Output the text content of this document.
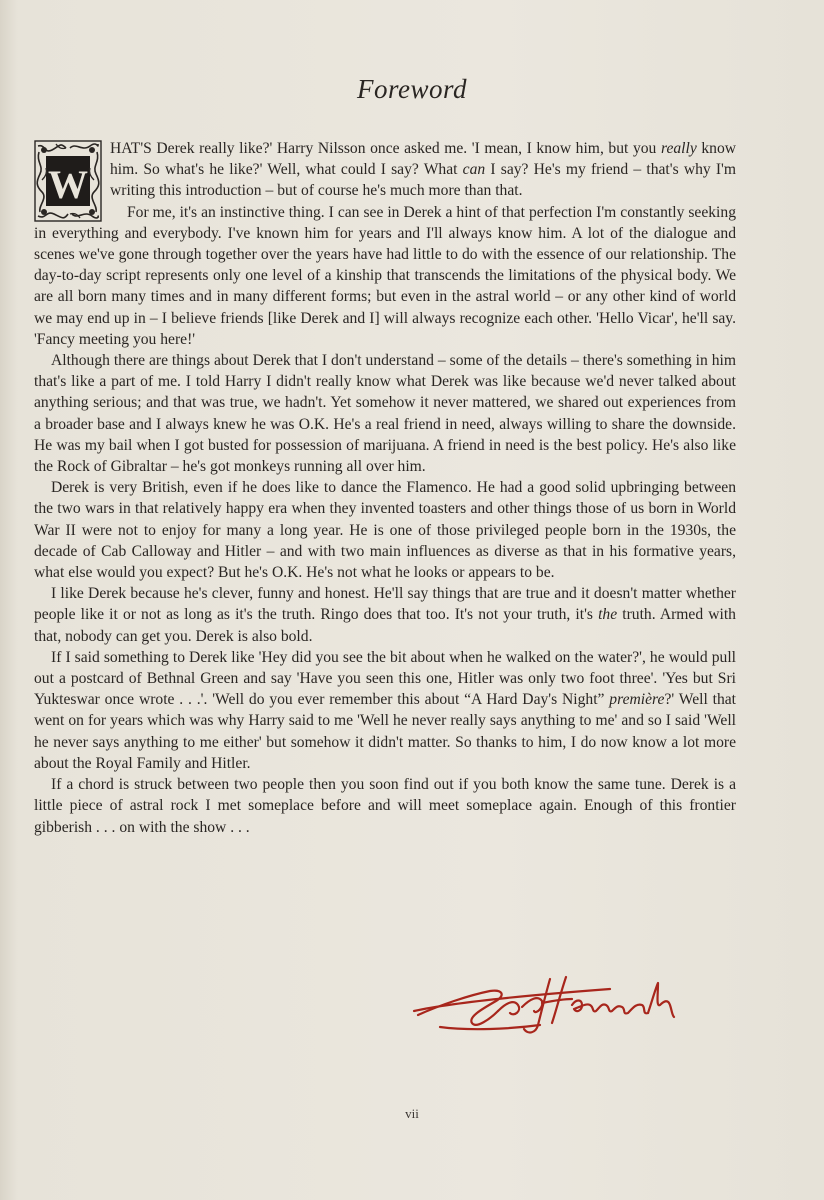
Foreword

W
HAT'S Derek really like?' Harry Nilsson once asked me. 'I mean, I know him, but you really know him. So what's he like?' Well, what could I say? What can I say? He's my friend – that's why I'm writing this introduction – but of course he's much more than that.

For me, it's an instinctive thing. I can see in Derek a hint of that perfection I'm constantly seeking in everything and everybody. I've known him for years and I'll always know him. A lot of the dialogue and scenes we've gone through together over the years have had little to do with the essence of our relationship. The day-to-day script represents only one level of a kinship that transcends the limitations of the physical body. We are all born many times and in many different forms; but even in the astral world – or any other kind of world we may end up in – I believe friends [like Derek and I] will always recognize each other. 'Hello Vicar', he'll say. 'Fancy meeting you here!'

Although there are things about Derek that I don't understand – some of the details – there's something in him that's like a part of me. I told Harry I didn't really know what Derek was like because we'd never talked about anything serious; and that was true, we hadn't. Yet somehow it never mattered, we shared out experiences from a broader base and I always knew he was O.K. He's a real friend in need, always willing to share the downside. He was my bail when I got busted for possession of marijuana. A friend in need is the best policy. He's also like the Rock of Gibraltar – he's got monkeys running all over him.

Derek is very British, even if he does like to dance the Flamenco. He had a good solid upbringing between the two wars in that relatively happy era when they invented toasters and other things those of us born in World War II were not to enjoy for many a long year. He is one of those privileged people born in the 1930s, the decade of Cab Calloway and Hitler – and with two main influences as diverse as that in his formative years, what else would you expect? But he's O.K. He's not what he looks or appears to be.

I like Derek because he's clever, funny and honest. He'll say things that are true and it doesn't matter whether people like it or not as long as it's the truth. Ringo does that too. It's not your truth, it's the truth. Armed with that, nobody can get you. Derek is also bold.

If I said something to Derek like 'Hey did you see the bit about when he walked on the water?', he would pull out a postcard of Bethnal Green and say 'Have you seen this one, Hitler was only two foot three'. 'Yes but Sri Yukteswar once wrote . . .'. 'Well do you ever remember this about “A Hard Day's Night” première?' Well that went on for years which was why Harry said to me 'Well he never really says anything to me' and so I said 'Well he never says anything to me either' but somehow it didn't matter. So thanks to him, I do now know a lot more about the Royal Family and Hitler.

If a chord is struck between two people then you soon find out if you both know the same tune. Derek is a little piece of astral rock I met someplace before and will meet someplace again. Enough of this frontier gibberish . . . on with the show . . .

George Harrison
vii
